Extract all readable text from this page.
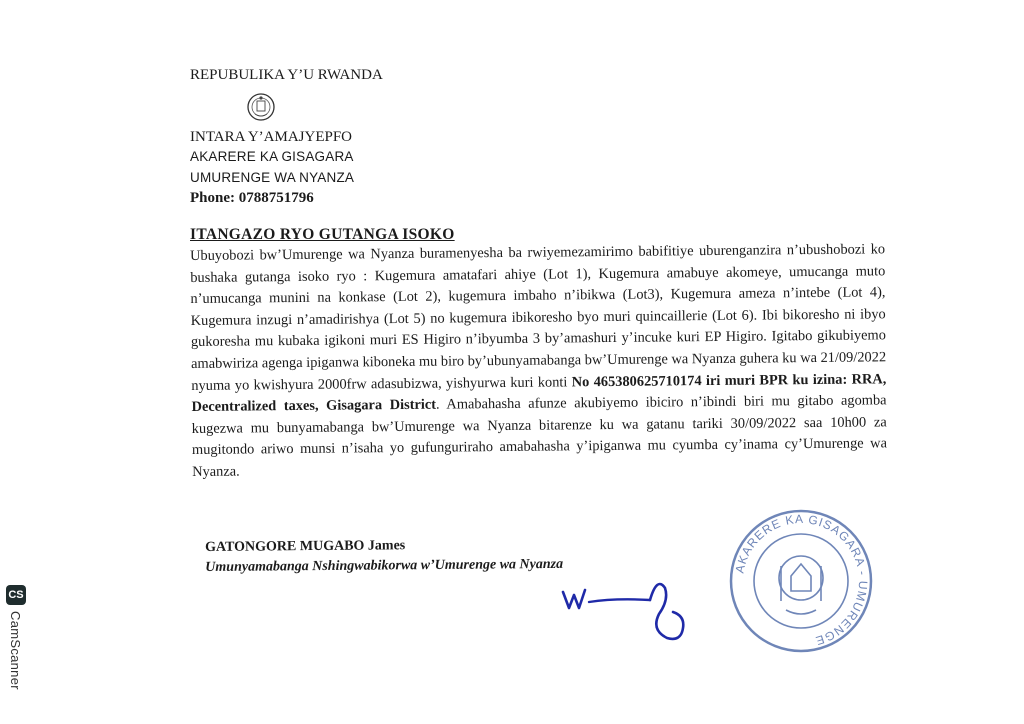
REPUBULIKA Y’U RWANDA
INTARA Y’AMAJYEPFO
AKARERE KA GISAGARA
UMURENGE WA NYANZA
Phone: 0788751796
ITANGAZO RYO GUTANGA ISOKO
Ubuyobozi bw’Umurenge wa Nyanza buramenyesha ba rwiyemezamirimo babifitiye uburenganzira n’ubushobozi ko bushaka gutanga isoko ryo : Kugemura amatafari ahiye (Lot 1), Kugemura amabuye akomeye, umucanga muto n’umucanga munini na konkase (Lot 2), kugemura imbaho n’ibikwa (Lot3), Kugemura ameza n’intebe (Lot 4), Kugemura inzugi n’amadirishya (Lot 5) no kugemura ibikoresho byo muri quincaillerie (Lot 6). Ibi bikoresho ni ibyo gukoresha mu kubaka igikoni muri ES Higiro n’ibyumba 3 by’amashuri y’incuke kuri EP Higiro. Igitabo gikubiyemo amabwiriza agenga ipiganwa kiboneka mu biro by’ubunyamabanga bw’Umurenge wa Nyanza guhera ku wa 21/09/2022 nyuma yo kwishyura 2000frw adasubizwa, yishyurwa kuri konti No 465380625710174 iri muri BPR ku izina: RRA, Decentralized taxes, Gisagara District. Amabahasha afunze akubiyemo ibiciro n’ibindi biri mu gitabo agomba kugezwa mu bunyamabanga bw’Umurenge wa Nyanza bitarenze ku wa gatanu tariki 30/09/2022 saa 10h00 za mugitondo ariwo munsi n’isaha yo gufungurirahо amabahasha y’ipiganwa mu cyumba cy’inama cy’Umurenge wa Nyanza.
GATONGORE MUGABO James
Umunyamabanga Nshingwabikorwa w’Umurenge wa Nyanza	AKARERE KA GISAGARA - UMURENGE
CS
CamScanner
